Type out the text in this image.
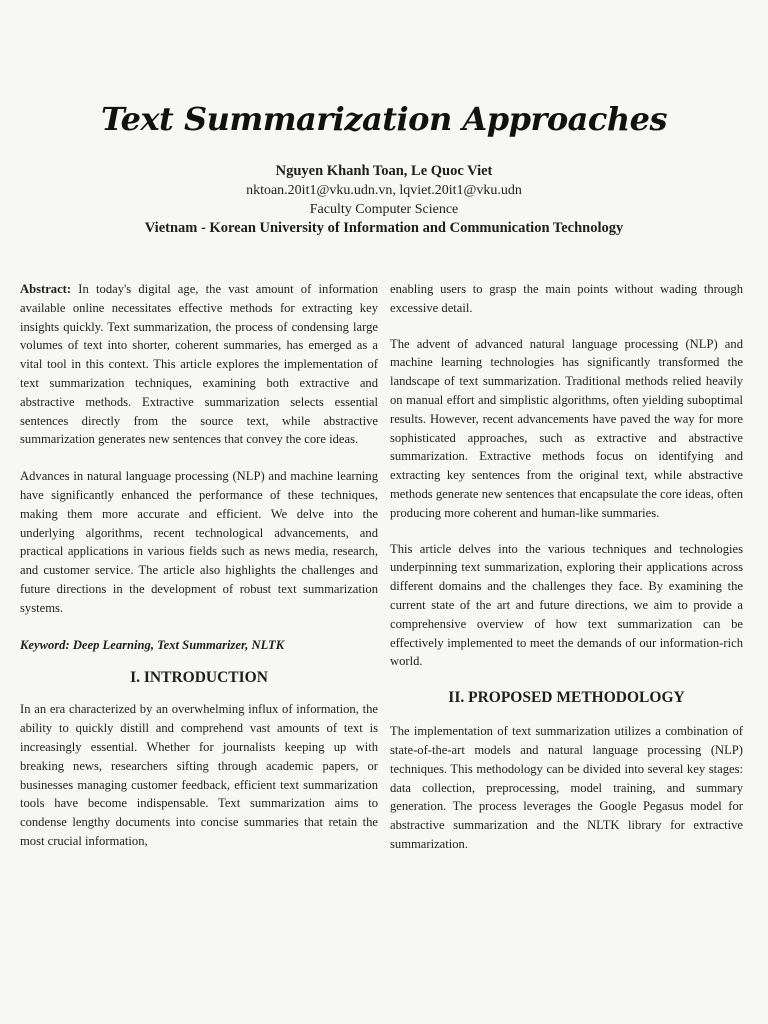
Text Summarization Approaches
Nguyen Khanh Toan, Le Quoc Viet
nktoan.20it1@vku.udn.vn, lqviet.20it1@vku.udn
Faculty Computer Science
Vietnam - Korean University of Information and Communication Technology

Abstract: In today's digital age, the vast amount of information available online necessitates effective methods for extracting key insights quickly. Text summarization, the process of condensing large volumes of text into shorter, coherent summaries, has emerged as a vital tool in this context. This article explores the implementation of text summarization techniques, examining both extractive and abstractive methods. Extractive summarization selects essential sentences directly from the source text, while abstractive summarization generates new sentences that convey the core ideas.

Advances in natural language processing (NLP) and machine learning have significantly enhanced the performance of these techniques, making them more accurate and efficient. We delve into the underlying algorithms, recent technological advancements, and practical applications in various fields such as news media, research, and customer service. The article also highlights the challenges and future directions in the development of robust text summarization systems.

Keyword: Deep Learning, Text Summarizer, NLTK

I. INTRODUCTION

In an era characterized by an overwhelming influx of information, the ability to quickly distill and comprehend vast amounts of text is increasingly essential. Whether for journalists keeping up with breaking news, researchers sifting through academic papers, or businesses managing customer feedback, efficient text summarization tools have become indispensable. Text summarization aims to condense lengthy documents into concise summaries that retain the most crucial information,

enabling users to grasp the main points without wading through excessive detail.

The advent of advanced natural language processing (NLP) and machine learning technologies has significantly transformed the landscape of text summarization. Traditional methods relied heavily on manual effort and simplistic algorithms, often yielding suboptimal results. However, recent advancements have paved the way for more sophisticated approaches, such as extractive and abstractive summarization. Extractive methods focus on identifying and extracting key sentences from the original text, while abstractive methods generate new sentences that encapsulate the core ideas, often producing more coherent and human-like summaries.

This article delves into the various techniques and technologies underpinning text summarization, exploring their applications across different domains and the challenges they face. By examining the current state of the art and future directions, we aim to provide a comprehensive overview of how text summarization can be effectively implemented to meet the demands of our information-rich world.

II. PROPOSED METHODOLOGY

The implementation of text summarization utilizes a combination of state-of-the-art models and natural language processing (NLP) techniques. This methodology can be divided into several key stages: data collection, preprocessing, model training, and summary generation. The process leverages the Google Pegasus model for abstractive summarization and the NLTK library for extractive summarization.
